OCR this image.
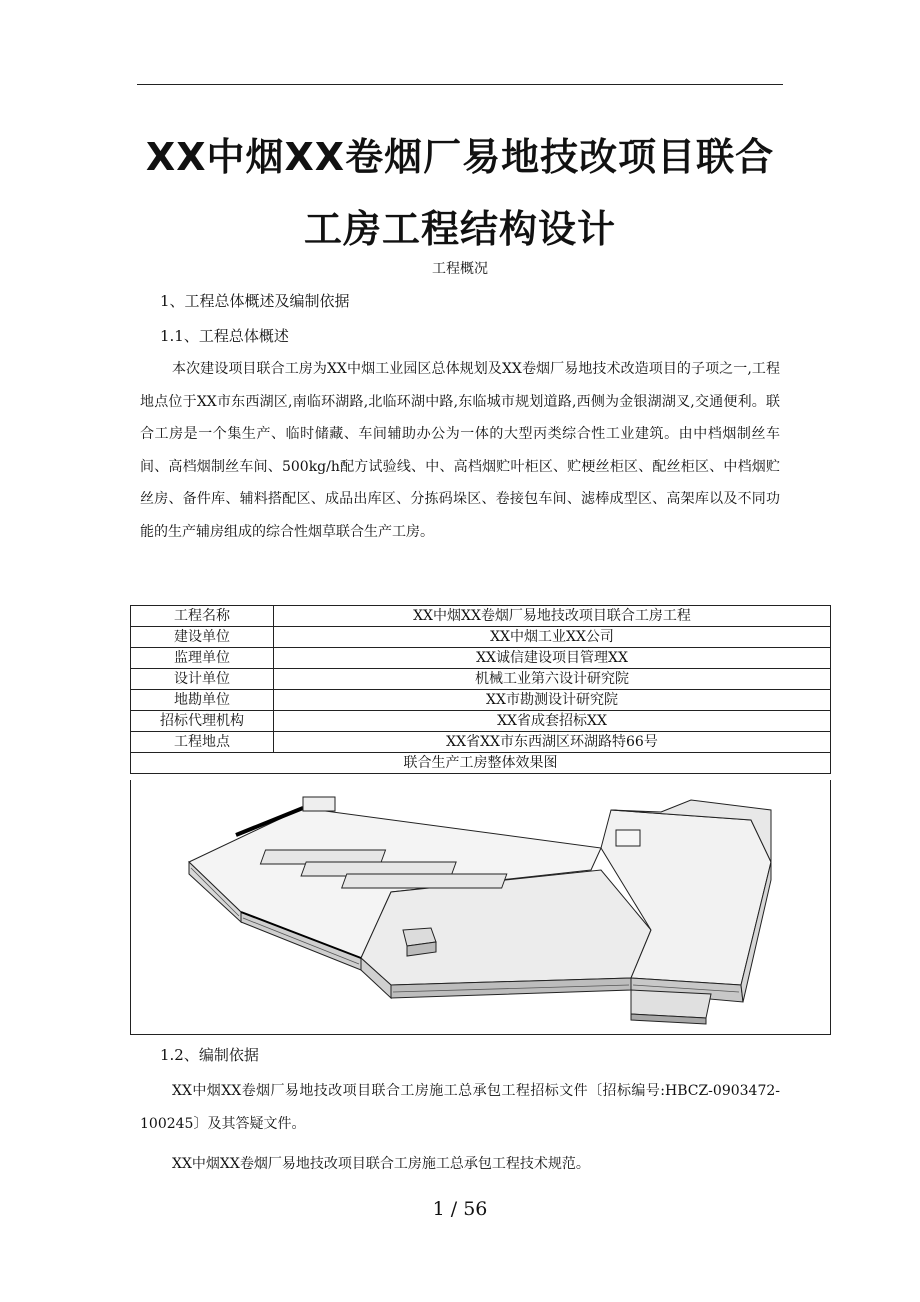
XX中烟XX卷烟厂易地技改项目联合
工房工程结构设计
工程概况
1、工程总体概述及编制依据
1.1、工程总体概述
本次建设项目联合工房为XX中烟工业园区总体规划及XX卷烟厂易地技术改造项目的子项之一,工程地点位于XX市东西湖区,南临环湖路,北临环湖中路,东临城市规划道路,西侧为金银湖湖叉,交通便利。联合工房是一个集生产、临时储藏、车间辅助办公为一体的大型丙类综合性工业建筑。由中档烟制丝车间、高档烟制丝车间、500kg/h配方试验线、中、高档烟贮叶柜区、贮梗丝柜区、配丝柜区、中档烟贮丝房、备件库、辅料搭配区、成品出库区、分拣码垛区、卷接包车间、滤棒成型区、高架库以及不同功能的生产辅房组成的综合性烟草联合生产工房。
工程名称	XX中烟XX卷烟厂易地技改项目联合工房工程
建设单位	XX中烟工业XX公司
监理单位	XX诚信建设项目管理XX
设计单位	机械工业第六设计研究院
地勘单位	XX市勘测设计研究院
招标代理机构	XX省成套招标XX
工程地点	XX省XX市东西湖区环湖路特66号
联合生产工房整体效果图	
1.2、编制依据
XX中烟XX卷烟厂易地技改项目联合工房施工总承包工程招标文件〔招标编号:HBCZ-0903472-100245〕及其答疑文件。
XX中烟XX卷烟厂易地技改项目联合工房施工总承包工程技术规范。
1 / 56
